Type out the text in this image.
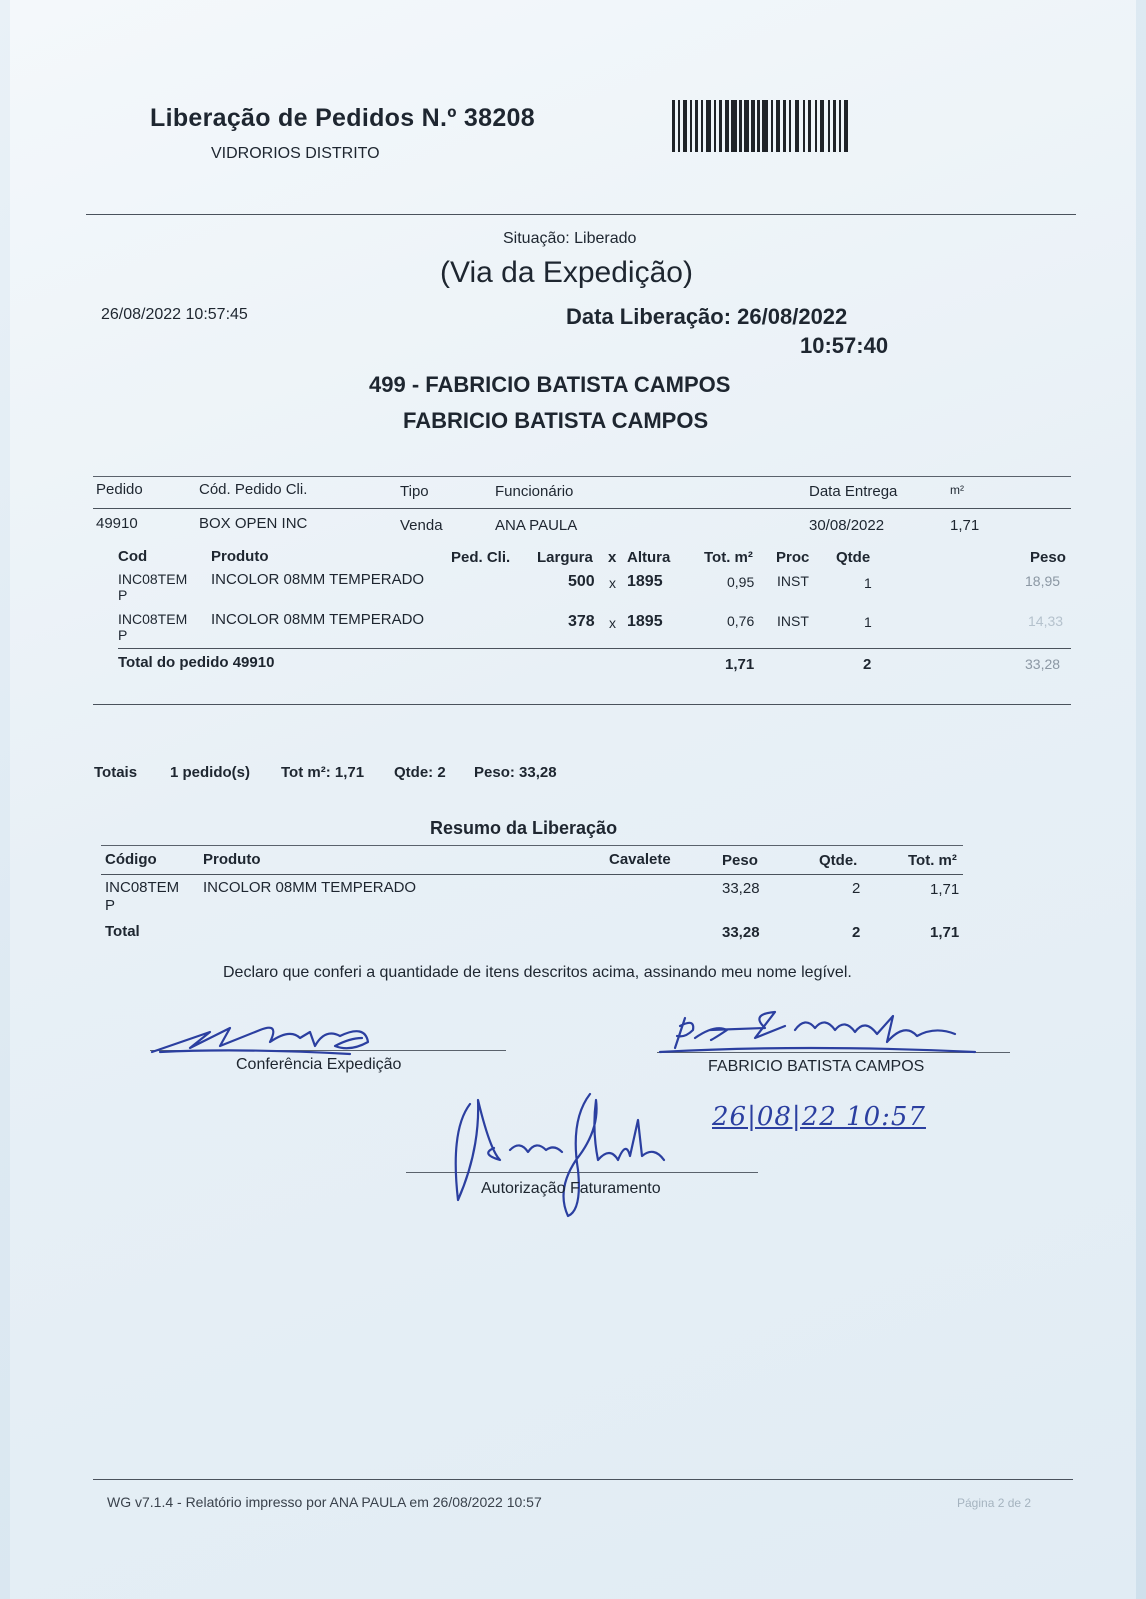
Liberação de Pedidos N.º 38208
VIDRORIOS DISTRITO
Situação: Liberado
(Via da Expedição)
26/08/2022 10:57:45	Data Liberação: 26/08/2022
10:57:40
499 - FABRICIO BATISTA CAMPOS
FABRICIO BATISTA CAMPOS
Pedido	Cód. Pedido Cli.	Tipo	Funcionário	Data Entrega	m²
49910	BOX OPEN INC	Venda	ANA PAULA	30/08/2022	1,71
Cod	Produto	Ped. Cli. Largura x Altura Tot. m² Proc Qtde	Peso
INC08TEM
P
INCOLOR 08MM TEMPERADO	500 x 1895	0,95 INST	1	18,95
INC08TEM
P
INCOLOR 08MM TEMPERADO	378 x 1895	0,76 INST	1	14,33
Total do pedido 49910	1,71	2	33,28
Totais 1 pedido(s) Tot m²: 1,71 Qtde: 2 Peso: 33,28
Resumo da Liberação
Código	Produto	Cavalete	Peso	Qtde.	Tot. m²
INC08TEM
P
INCOLOR 08MM TEMPERADO	33,28	2	1,71
Total	33,28	2	1,71
Declaro que conferi a quantidade de itens descritos acima, assinando meu nome legível.
Conferência Expedição	FABRICIO BATISTA CAMPOS
26|08|22 10:57
Autorização Faturamento
WG v7.1.4 - Relatório impresso por ANA PAULA em 26/08/2022 10:57	Página 2 de 2
